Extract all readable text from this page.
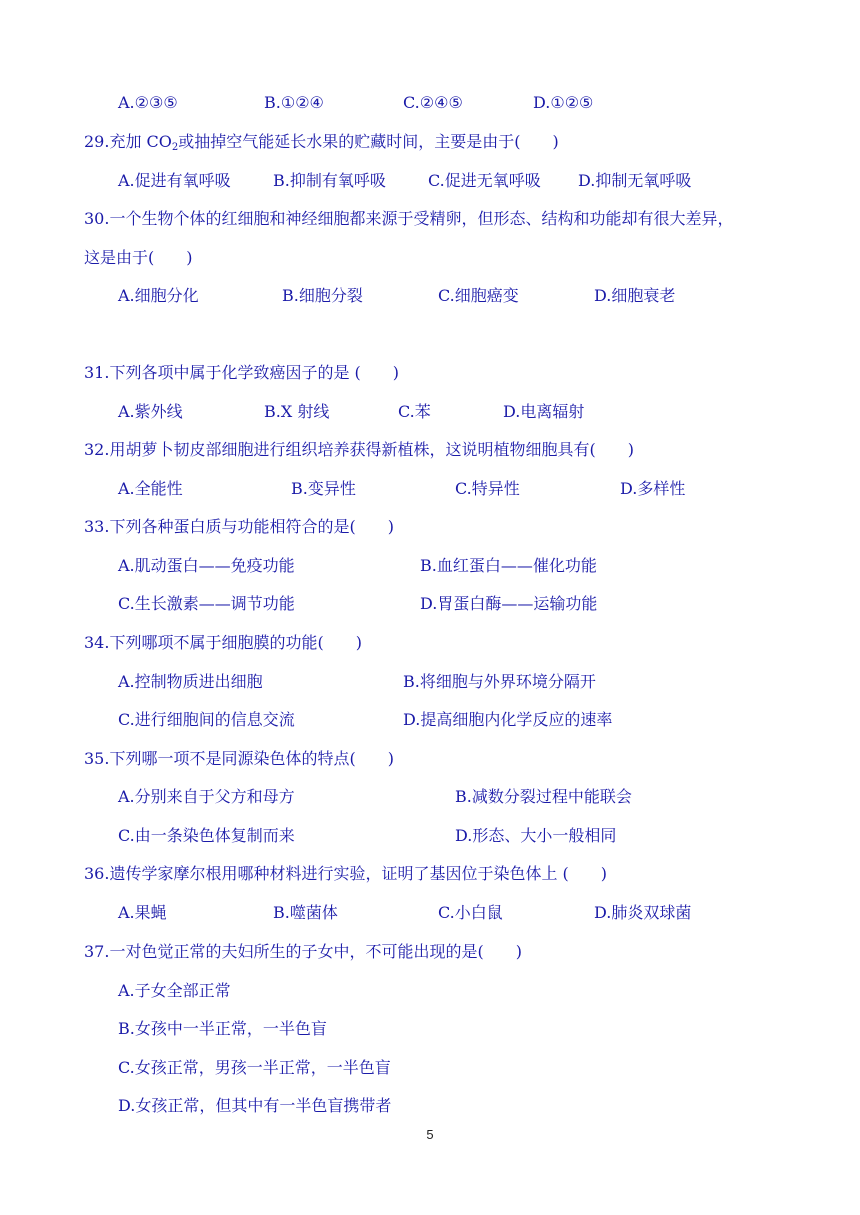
A.②③⑤	B.①②④	C.②④⑤	D.①②⑤
29.充加 $CO_2$或抽掉空气能延长水果的贮藏时间，主要是由于(　　)
A.促进有氧呼吸	B.抑制有氧呼吸	C.促进无氧呼吸 D.抑制无氧呼吸
30.一个生物个体的红细胞和神经细胞都来源于受精卵，但形态、结构和功能却有很大差异，
这是由于(　　)
A.细胞分化	B.细胞分裂	C.细胞癌变	D.细胞衰老
31.下列各项中属于化学致癌因子的是 (　　)
A.紫外线	B.X 射线	C.苯	D.电离辐射
32.用胡萝卜韧皮部细胞进行组织培养获得新植株，这说明植物细胞具有(　　)
A.全能性	B.变异性	C.特异性	D.多样性
33.下列各种蛋白质与功能相符合的是(　　)
A.肌动蛋白——免疫功能	B.血红蛋白——催化功能
C.生长激素——调节功能	D.胃蛋白酶——运输功能
34.下列哪项不属于细胞膜的功能(　　)
A.控制物质进出细胞	B.将细胞与外界环境分隔开
C.进行细胞间的信息交流	D.提高细胞内化学反应的速率
35.下列哪一项不是同源染色体的特点(　　)
A.分别来自于父方和母方	B.减数分裂过程中能联会
C.由一条染色体复制而来	D.形态、大小一般相同
36.遗传学家摩尔根用哪种材料进行实验，证明了基因位于染色体上 (　　)
A.果蝇	B.噬菌体	C.小白鼠	D.肺炎双球菌
37.一对色觉正常的夫妇所生的子女中，不可能出现的是(　　)
A.子女全部正常
B.女孩中一半正常，一半色盲
C.女孩正常，男孩一半正常，一半色盲
D.女孩正常，但其中有一半色盲携带者
5
